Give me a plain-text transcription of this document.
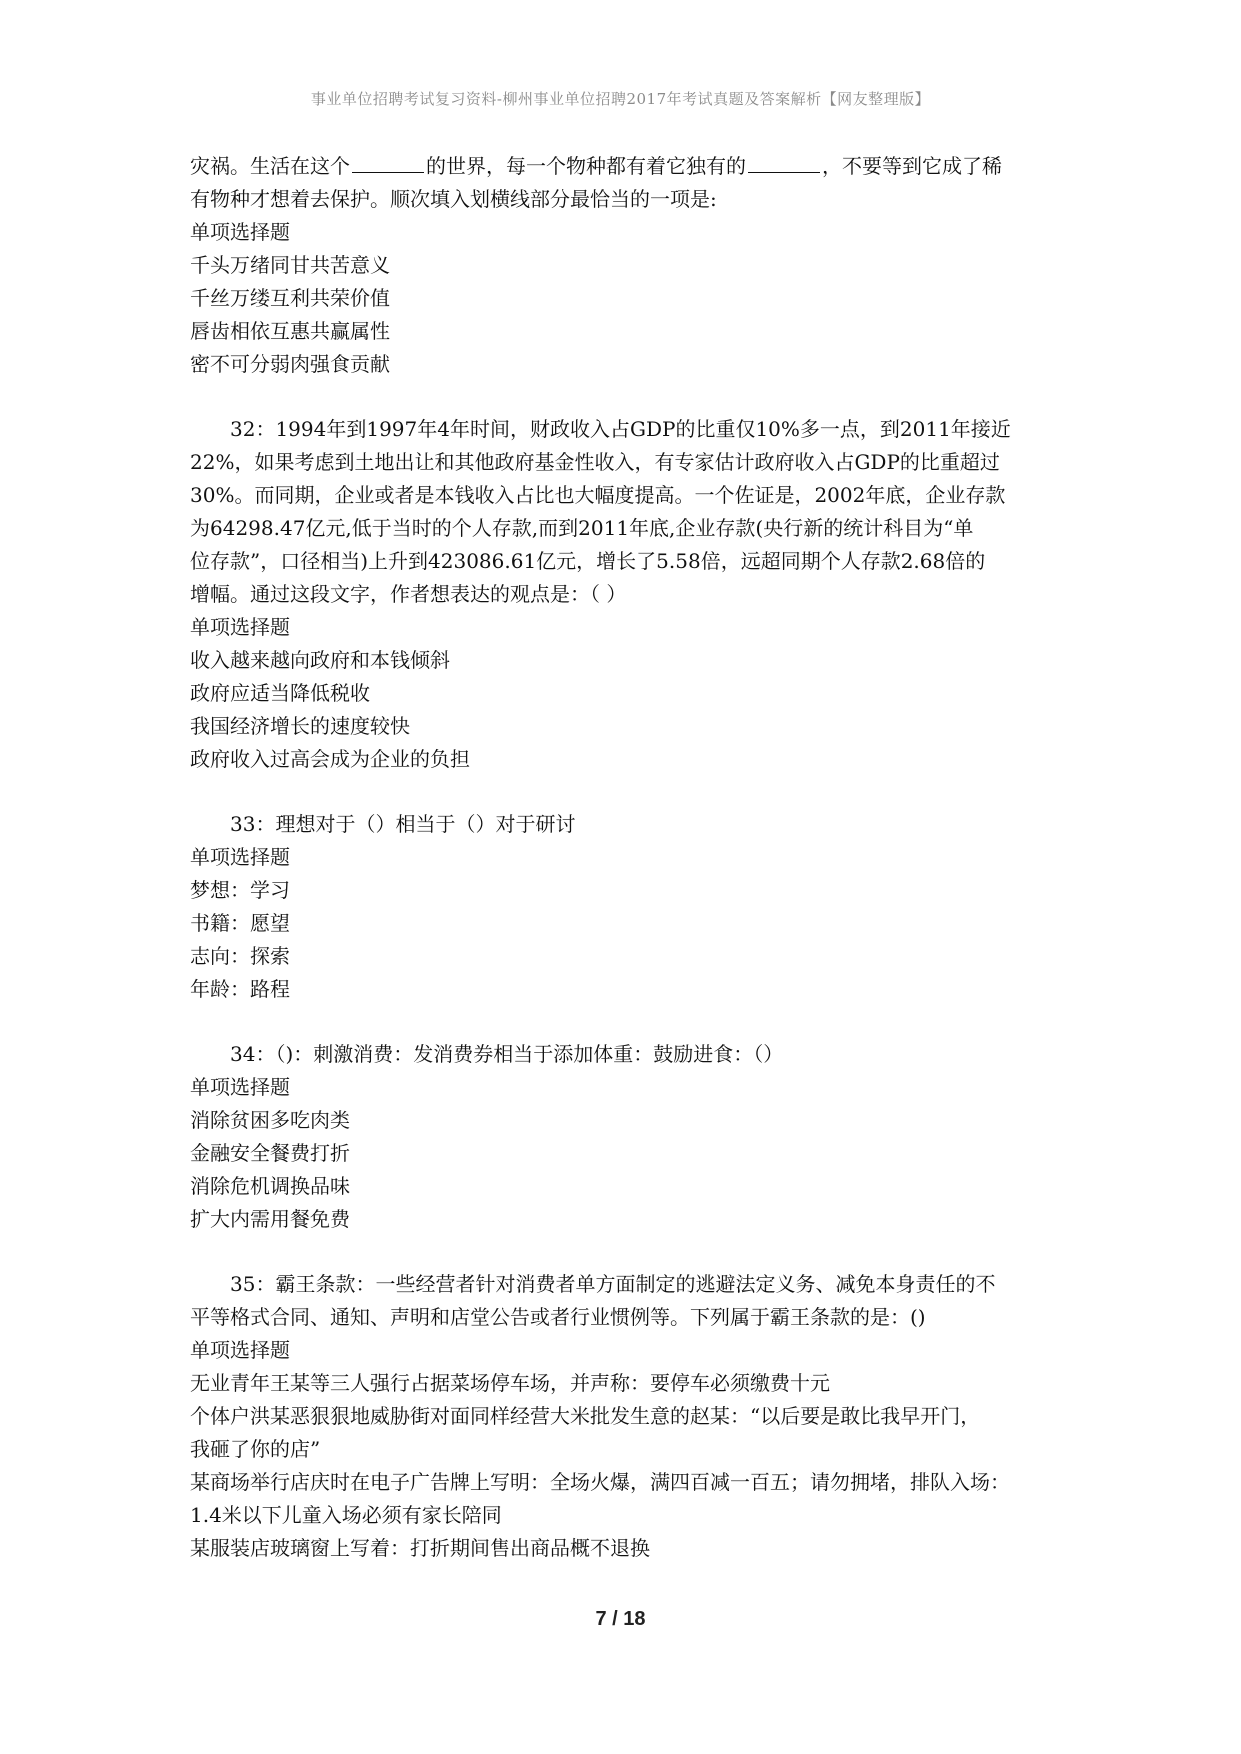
事业单位招聘考试复习资料-柳州事业单位招聘2017年考试真题及答案解析【网友整理版】
灾祸。生活在这个	的世界，每一个物种都有着它独有的	，不要等到它成了稀
有物种才想着去保护。顺次填入划横线部分最恰当的一项是:
单项选择题
千头万绪同甘共苦意义
千丝万缕互利共荣价值
唇齿相依互惠共赢属性
密不可分弱肉强食贡献
32：1994年到1997年4年时间，财政收入占GDP的比重仅10%多一点，到2011年接近
22%，如果考虑到土地出让和其他政府基金性收入，有专家估计政府收入占GDP的比重超过
30%。而同期，企业或者是本钱收入占比也大幅度提高。一个佐证是，2002年底，企业存款
为64298.47亿元,低于当时的个人存款,而到2011年底,企业存款(央行新的统计科目为“单
位存款”，口径相当)上升到423086.61亿元，增长了5.58倍，远超同期个人存款2.68倍的
增幅。通过这段文字，作者想表达的观点是：（ ）
单项选择题
收入越来越向政府和本钱倾斜
政府应适当降低税收
我国经济增长的速度较快
政府收入过高会成为企业的负担
33：理想对于（）相当于（）对于研讨
单项选择题
梦想：学习
书籍：愿望
志向：探索
年龄：路程
34：（)：刺激消费：发消费券相当于添加体重：鼓励进食：（）
单项选择题
消除贫困多吃肉类
金融安全餐费打折
消除危机调换品味
扩大内需用餐免费
35：霸王条款：一些经营者针对消费者单方面制定的逃避法定义务、减免本身责任的不
平等格式合同、通知、声明和店堂公告或者行业惯例等。下列属于霸王条款的是：()
单项选择题
无业青年王某等三人强行占据菜场停车场，并声称：要停车必须缴费十元
个体户洪某恶狠狠地威胁街对面同样经营大米批发生意的赵某：“以后要是敢比我早开门，
我砸了你的店”
某商场举行店庆时在电子广告牌上写明：全场火爆，满四百减一百五；请勿拥堵，排队入场：
1.4米以下儿童入场必须有家长陪同
某服装店玻璃窗上写着：打折期间售出商品概不退换
7 / 18
